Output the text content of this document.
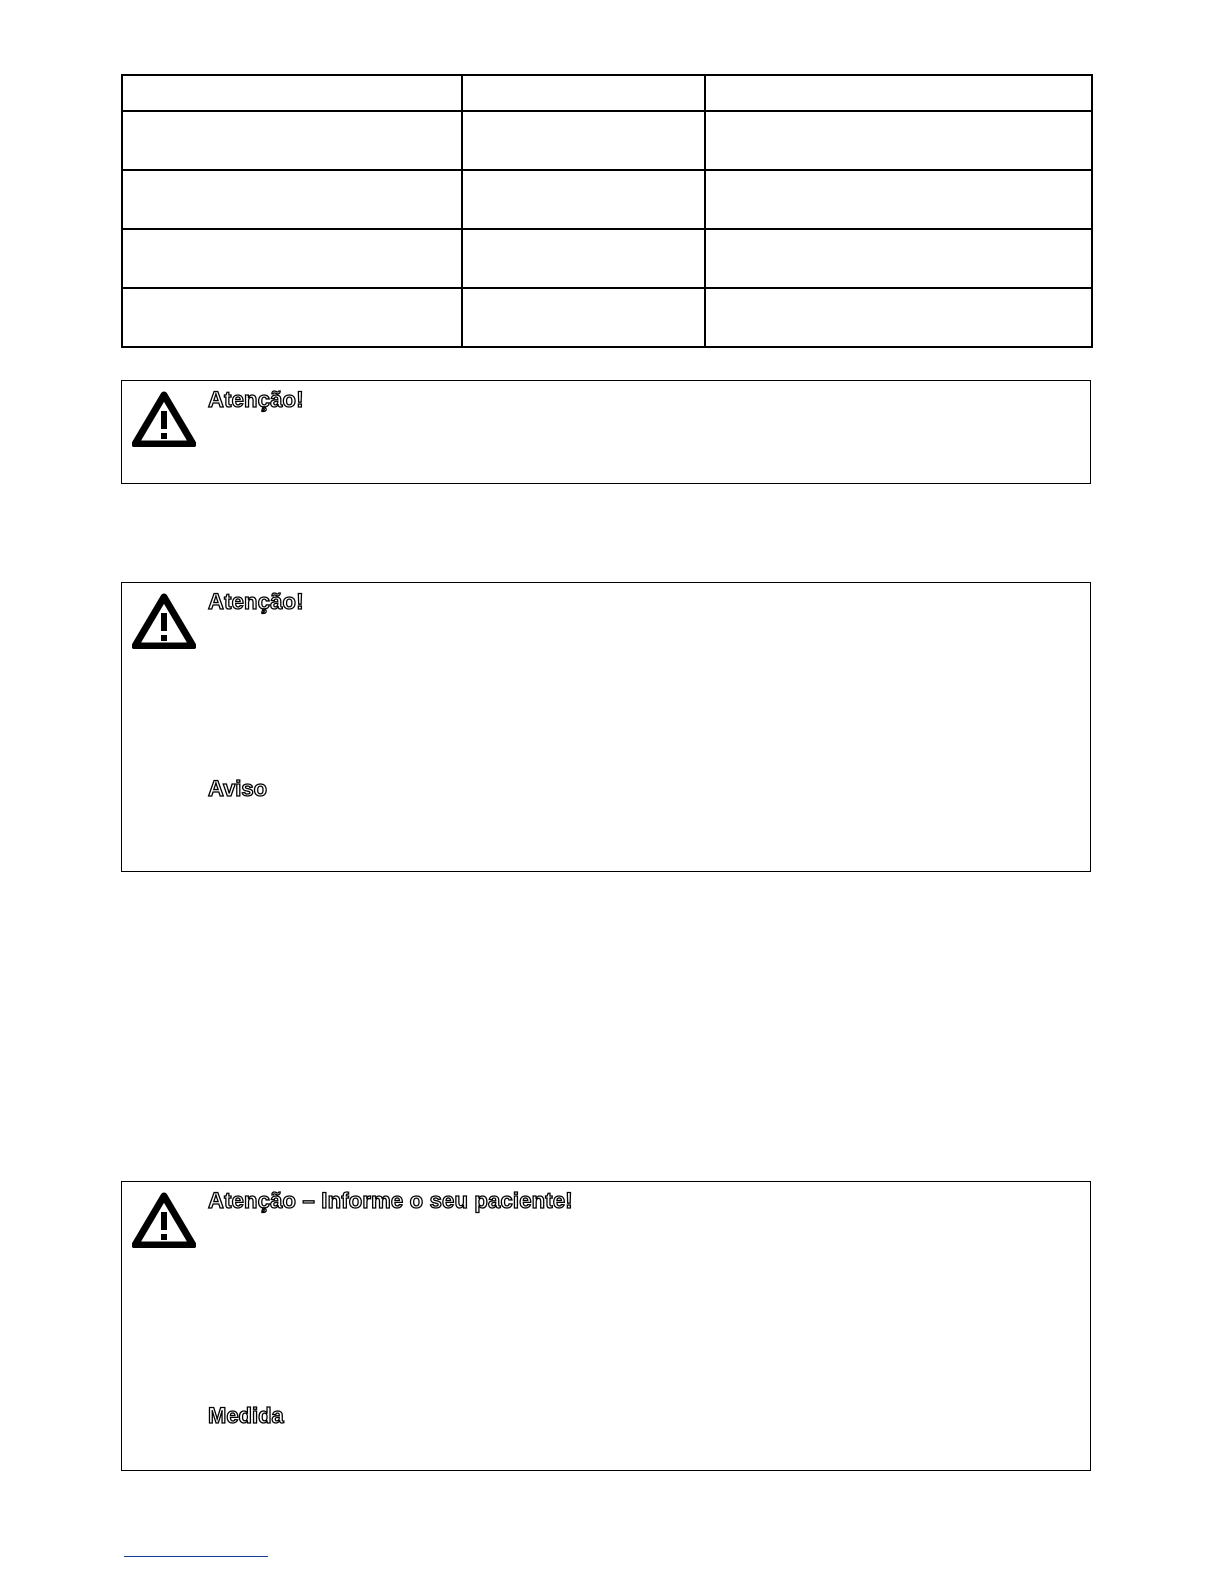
Atenção!
Atenção!
Aviso
Atenção – Informe o seu paciente!
Medida
